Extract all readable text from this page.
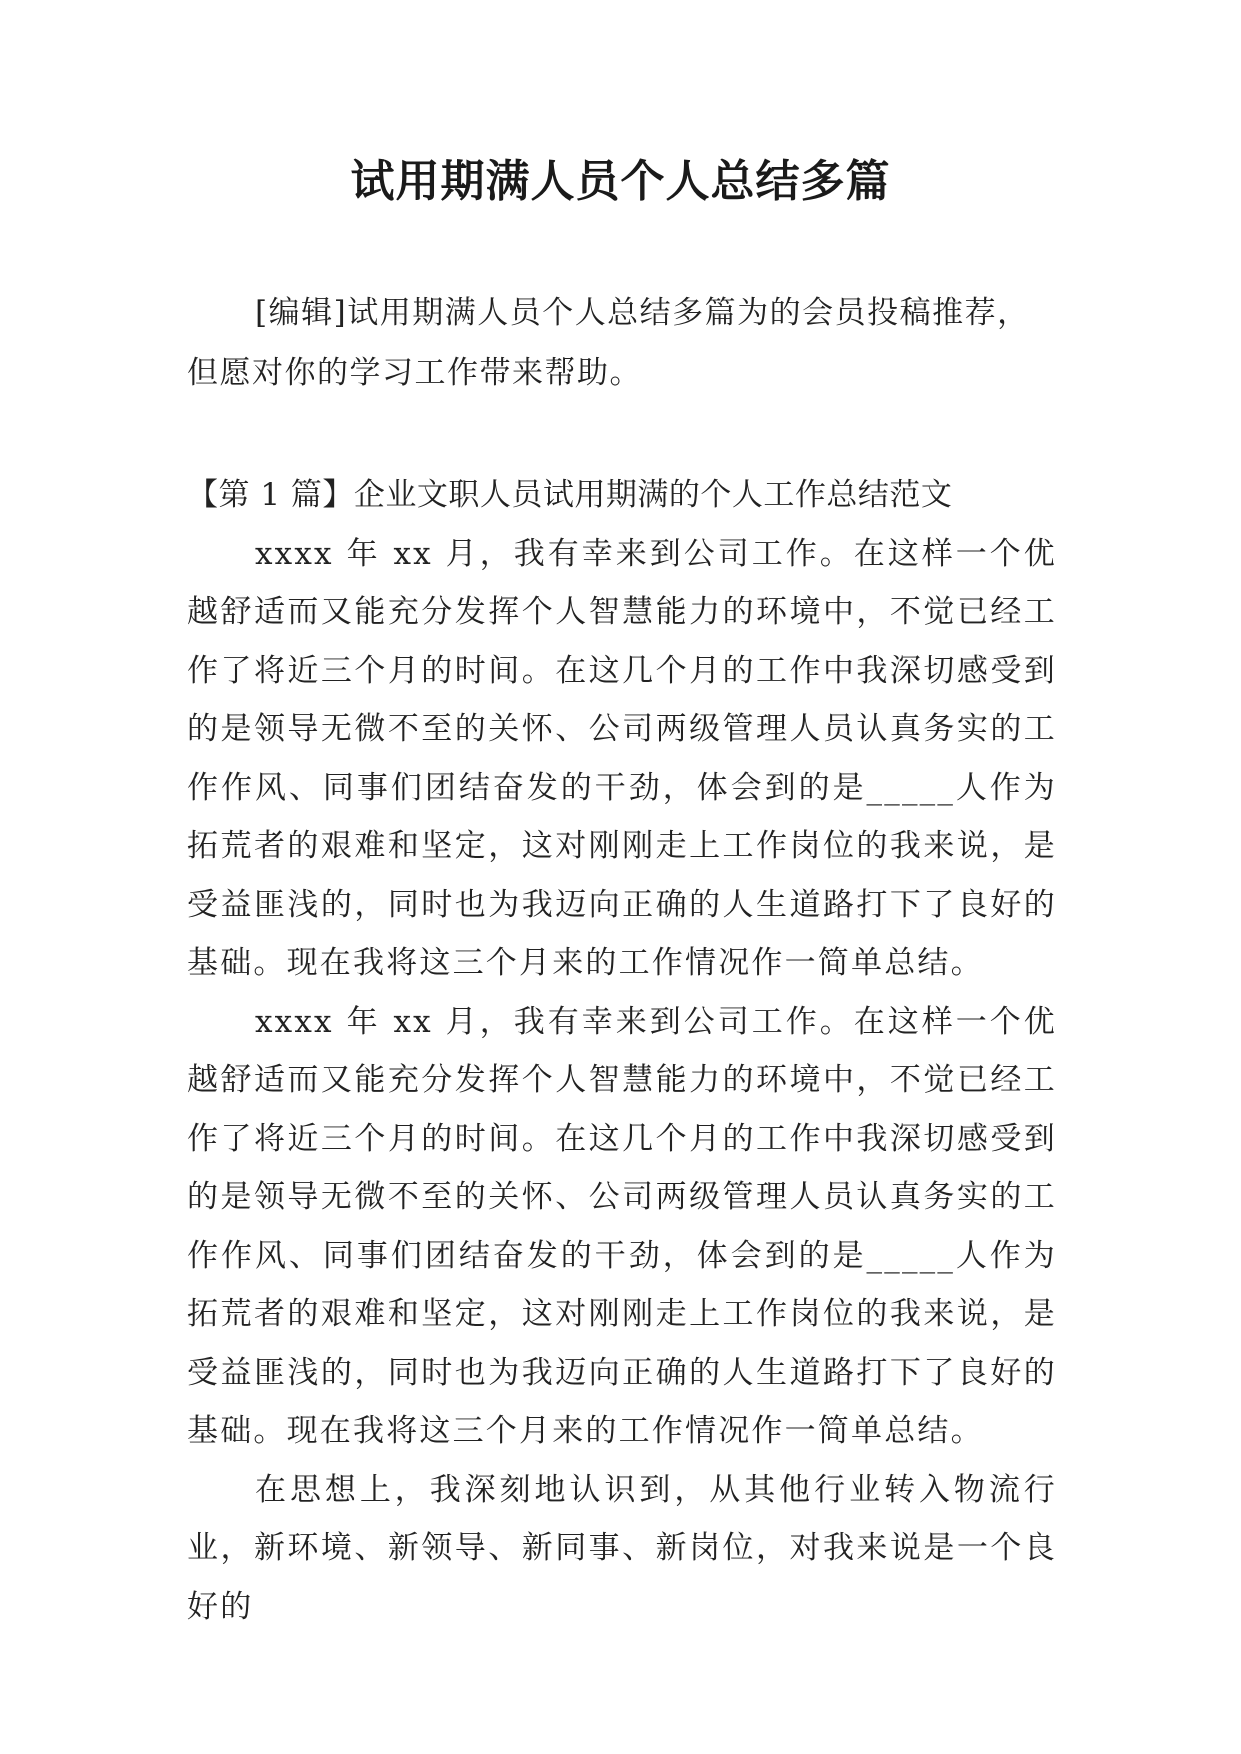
试用期满人员个人总结多篇

[编辑]试用期满人员个人总结多篇为的会员投稿推荐，但愿对你的学习工作带来帮助。

【第 1 篇】企业文职人员试用期满的个人工作总结范文

xxxx 年 xx 月，我有幸来到公司工作。在这样一个优越舒适而又能充分发挥个人智慧能力的环境中，不觉已经工作了将近三个月的时间。在这几个月的工作中我深切感受到的是领导无微不至的关怀、公司两级管理人员认真务实的工作作风、同事们团结奋发的干劲，体会到的是_____人作为拓荒者的艰难和坚定，这对刚刚走上工作岗位的我来说，是受益匪浅的，同时也为我迈向正确的人生道路打下了良好的基础。现在我将这三个月来的工作情况作一简单总结。

xxxx 年 xx 月，我有幸来到公司工作。在这样一个优越舒适而又能充分发挥个人智慧能力的环境中，不觉已经工作了将近三个月的时间。在这几个月的工作中我深切感受到的是领导无微不至的关怀、公司两级管理人员认真务实的工作作风、同事们团结奋发的干劲，体会到的是_____人作为拓荒者的艰难和坚定，这对刚刚走上工作岗位的我来说，是受益匪浅的，同时也为我迈向正确的人生道路打下了良好的基础。现在我将这三个月来的工作情况作一简单总结。

在思想上，我深刻地认识到，从其他行业转入物流行业，新环境、新领导、新同事、新岗位，对我来说是一个良好的
